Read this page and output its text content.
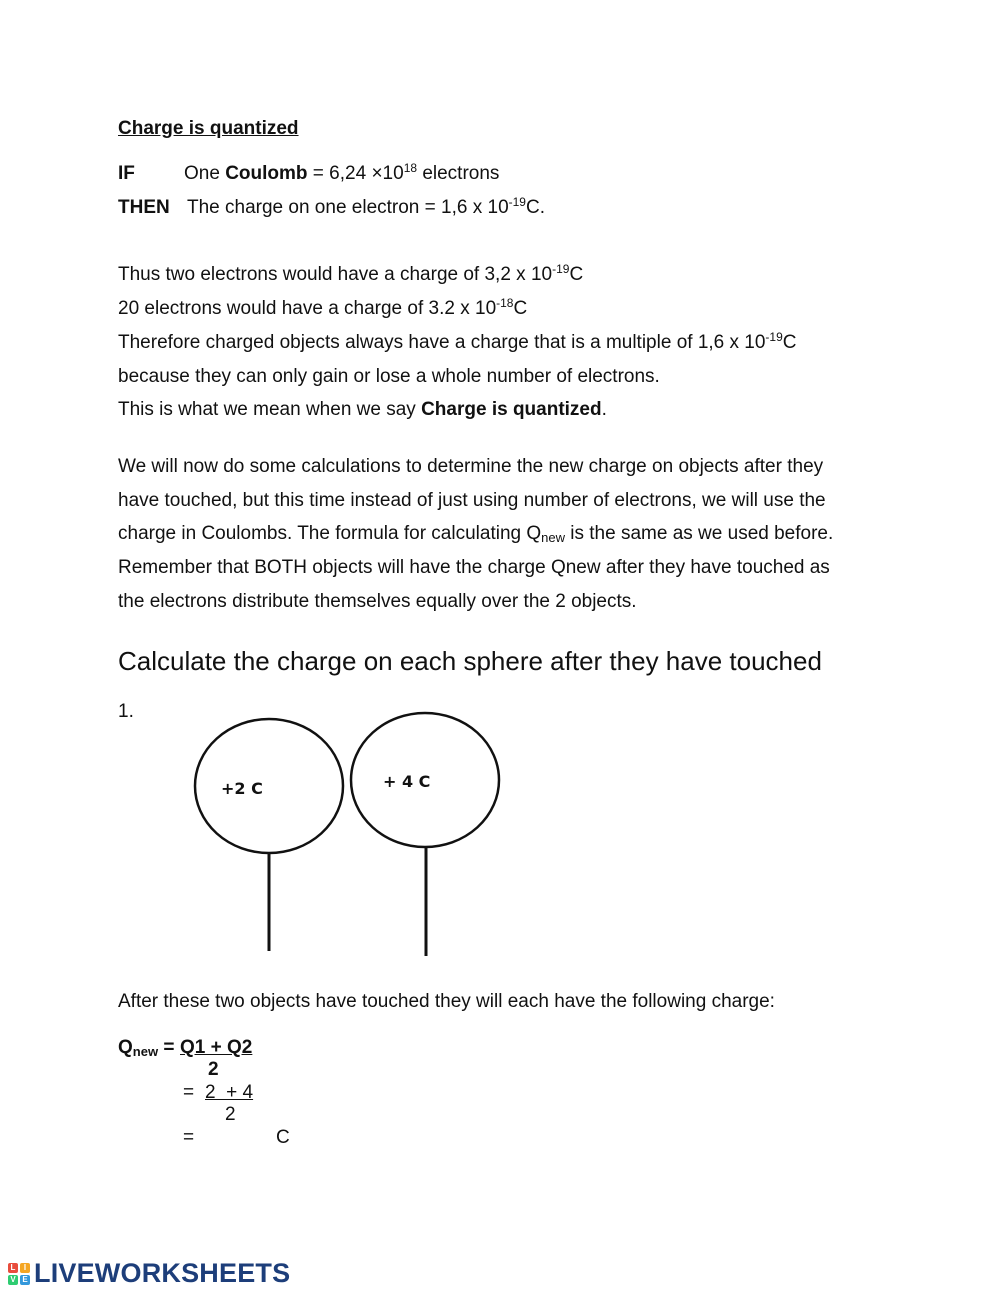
Charge is quantized
IF	One Coulomb = $6,24 \times 10^{18}$ electrons
THEN The charge on one electron = 1,6 x $10^{-19}C$.
Thus two electrons would have a charge of 3,2 x $10^{-19}C$
20 electrons would have a charge of 3.2 x $10^{-18}C$
Therefore charged objects always have a charge that is a multiple of 1,6 x $10^{-19}C$
because they can only gain or lose a whole number of electrons.
This is what we mean when we say Charge is quantized.
We will now do some calculations to determine the new charge on objects after they
have touched, but this time instead of just using number of electrons, we will use the
charge in Coulombs. The formula for calculating $Q_{new}$ is the same as we used before.
Remember that BOTH objects will have the charge Qnew after they have touched as
the electrons distribute themselves equally over the 2 objects.
Calculate the charge on each sphere after they have touched
1.
+2 C	+ 4 C
After these two objects have touched they will each have the following charge:
$Q_{new} = Q1 + Q2$
2
= 2  + 4
2
=	C
L	I
V E LIVEWORKSHEETS
